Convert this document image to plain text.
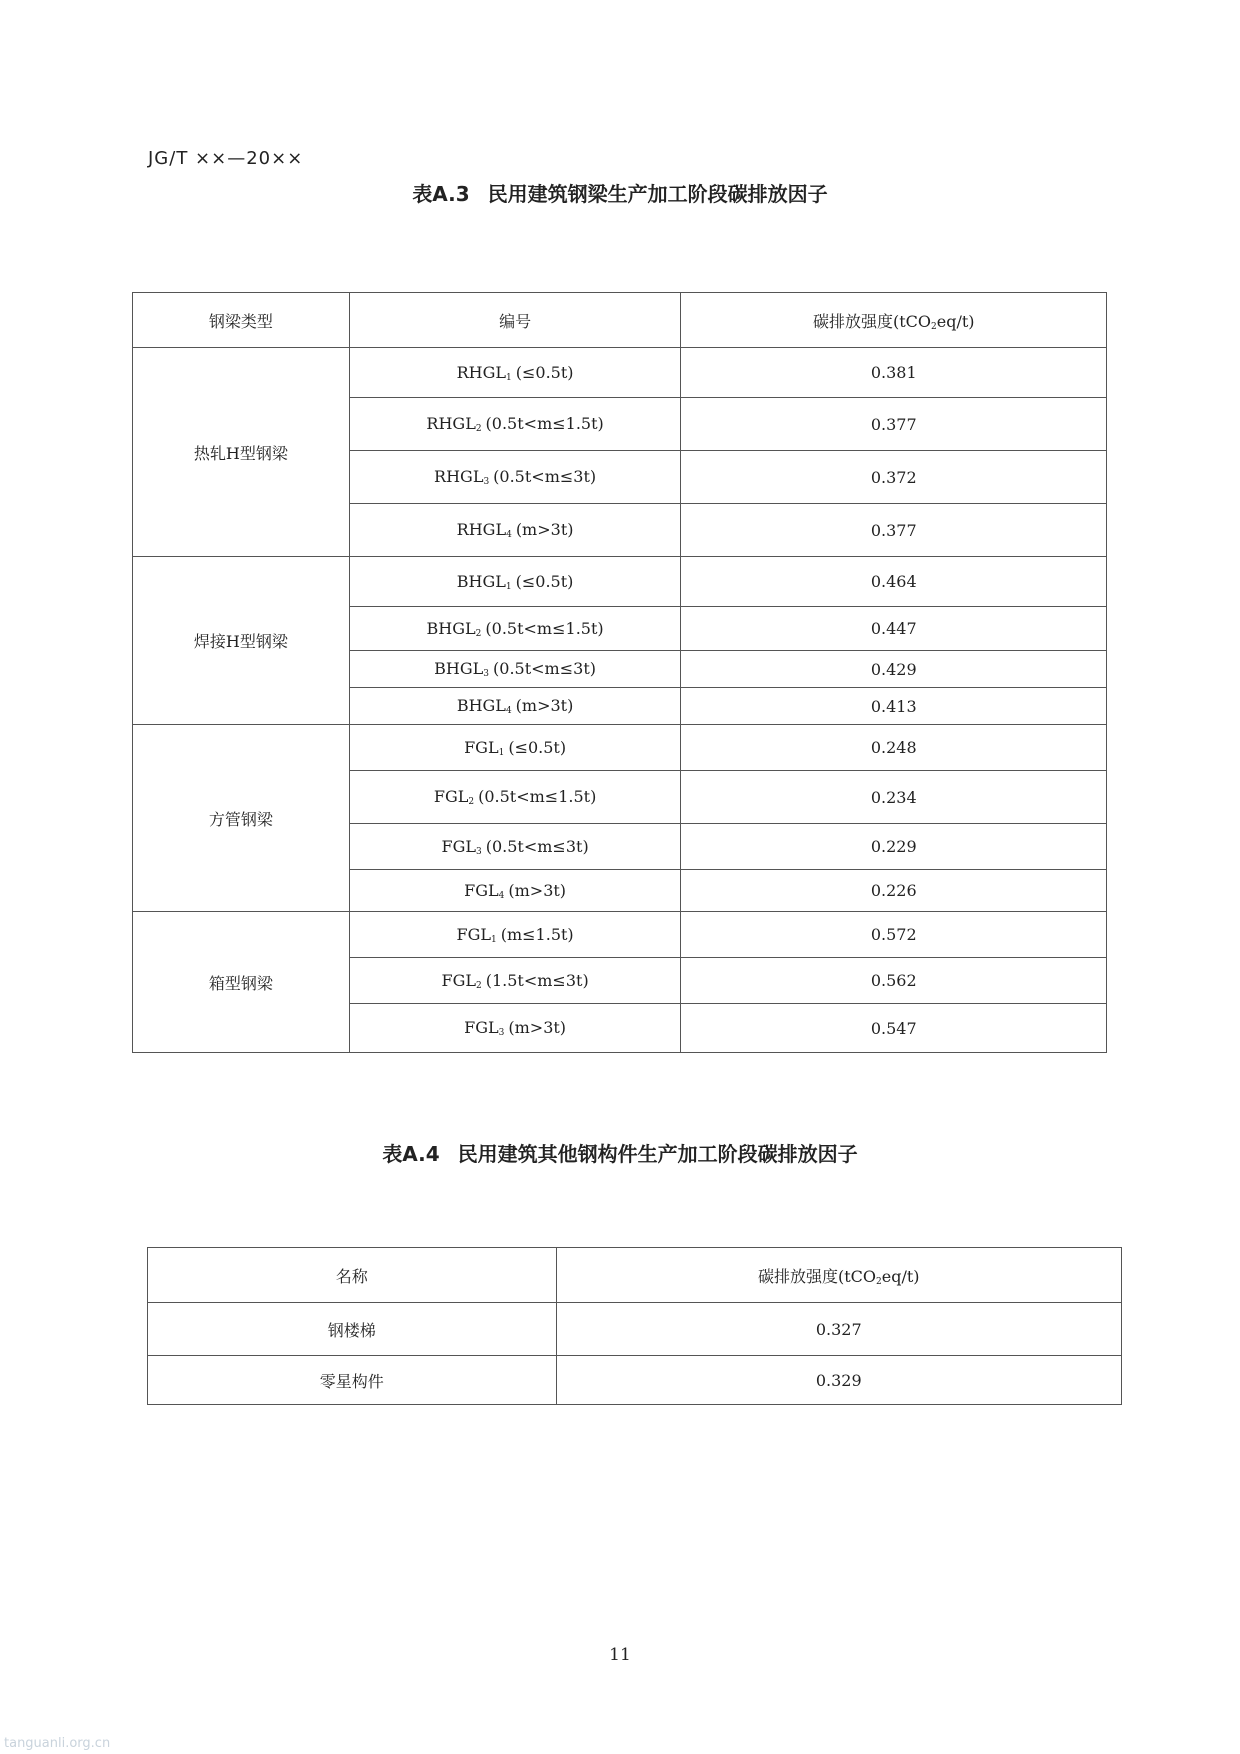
JG/T ××—20××
表A.3 民用建筑钢梁生产加工阶段碳排放因子
钢梁类型	编号	碳排放强度(tCO$_2$eq/t)
热轧H型钢梁	$RHGL_1$ (≤0.5t)	0.381
	$RHGL_2$ (0.5t<m≤1.5t)	0.377
	$RHGL_3$ (0.5t<m≤3t)	0.372
	$RHGL_4$ (m>3t)	0.377
焊接H型钢梁	$BHGL_1$ (≤0.5t)	0.464
	$BHGL_2$ (0.5t<m≤1.5t)	0.447
	$BHGL_3$ (0.5t<m≤3t)	0.429
	$BHGL_4$ (m>3t)	0.413
方管钢梁	$FGL_1$ (≤0.5t)	0.248
	$FGL_2$ (0.5t<m≤1.5t)	0.234
	$FGL_3$ (0.5t<m≤3t)	0.229
	$FGL_4$ (m>3t)	0.226
箱型钢梁	$FGL_1$ (m≤1.5t)	0.572
	$FGL_2$ (1.5t<m≤3t)	0.562
	$FGL_3$ (m>3t)	0.547
表A.4 民用建筑其他钢构件生产加工阶段碳排放因子
名称	碳排放强度(tCO$_2$eq/t)
钢楼梯	0.327
零星构件	0.329
11
tanguanli.org.cn
